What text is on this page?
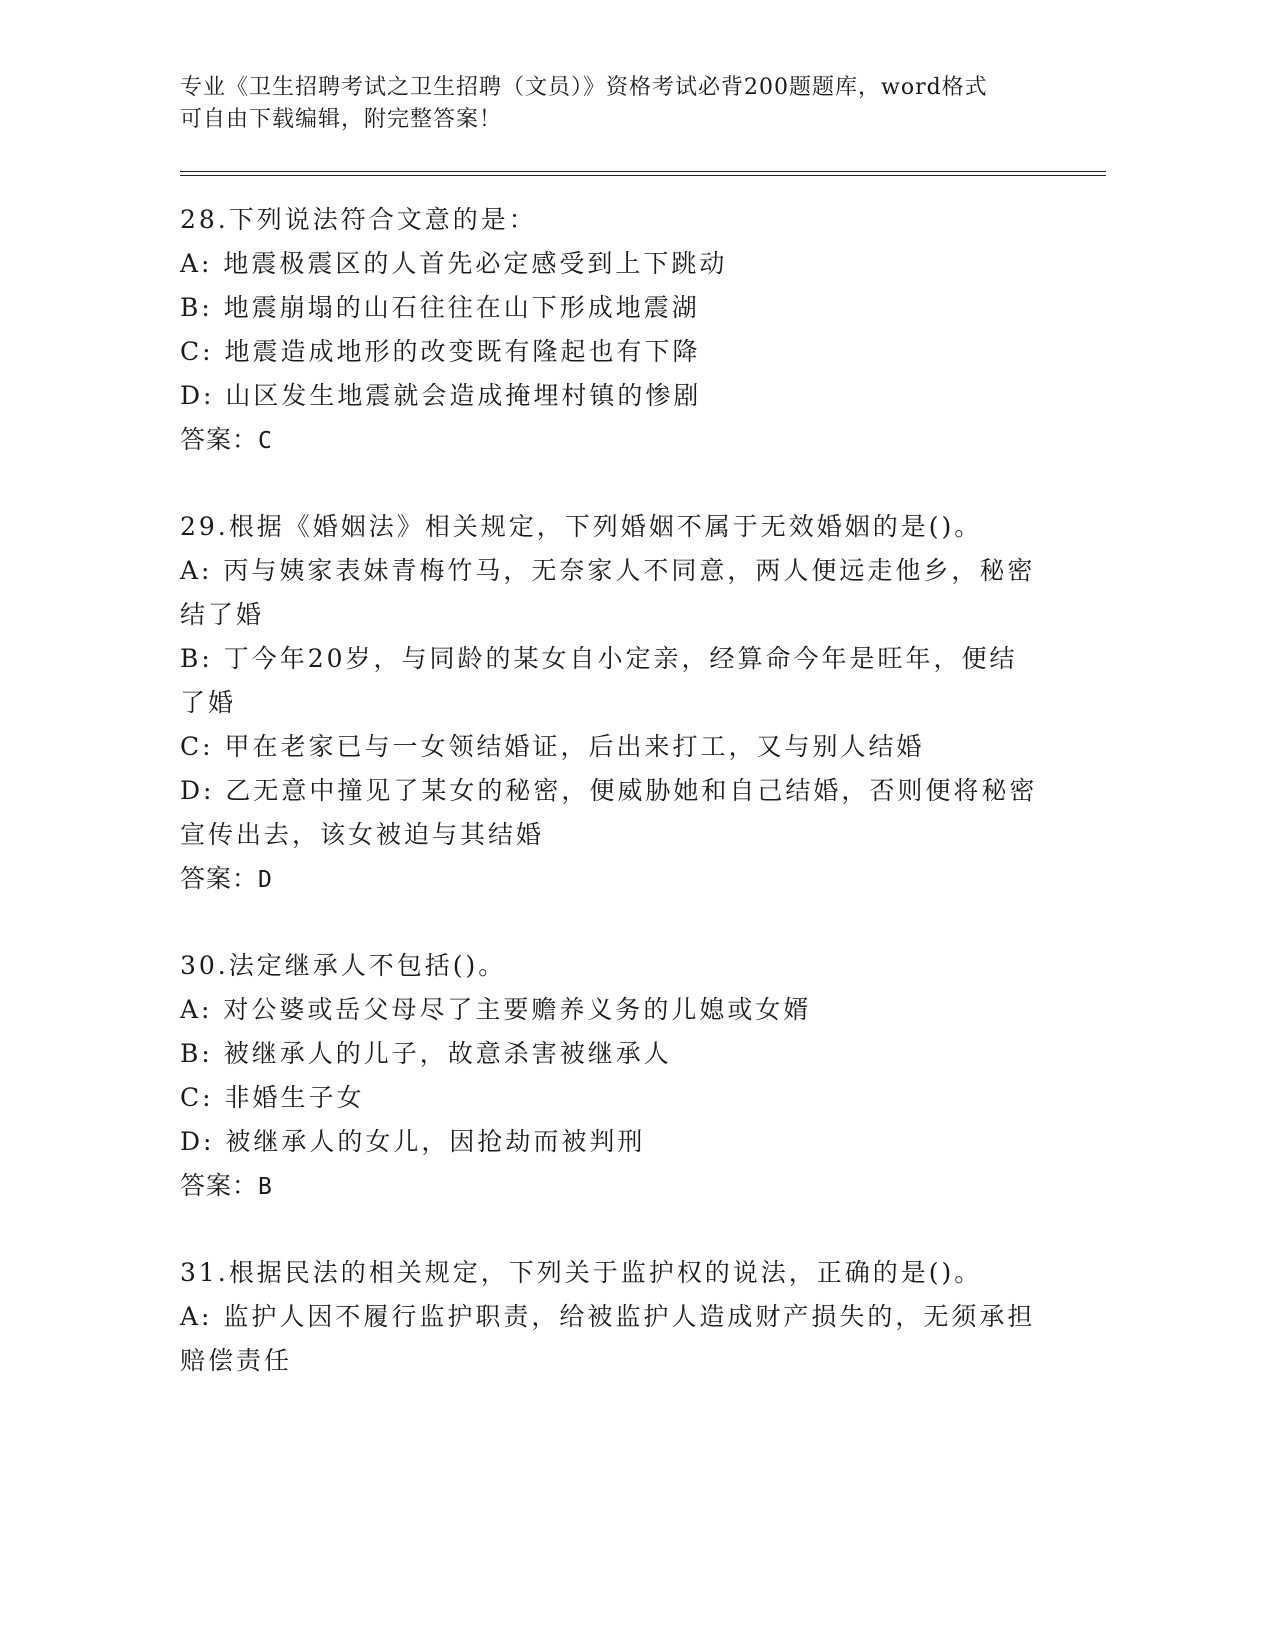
专业《卫生招聘考试之卫生招聘（文员）》资格考试必背200题题库，word格式
可自由下载编辑，附完整答案！

28.下列说法符合文意的是：

A: 地震极震区的人首先必定感受到上下跳动

B: 地震崩塌的山石往往在山下形成地震湖

C: 地震造成地形的改变既有隆起也有下降

D: 山区发生地震就会造成掩埋村镇的惨剧

答案：C

29.根据《婚姻法》相关规定，下列婚姻不属于无效婚姻的是()。

A: 丙与姨家表妹青梅竹马，无奈家人不同意，两人便远走他乡，秘密结了婚

B: 丁今年20岁，与同龄的某女自小定亲，经算命今年是旺年，便结了婚

C: 甲在老家已与一女领结婚证，后出来打工，又与别人结婚

D: 乙无意中撞见了某女的秘密，便威胁她和自己结婚，否则便将秘密宣传出去，该女被迫与其结婚

答案：D

30.法定继承人不包括()。

A: 对公婆或岳父母尽了主要赡养义务的儿媳或女婿

B: 被继承人的儿子，故意杀害被继承人

C: 非婚生子女

D: 被继承人的女儿，因抢劫而被判刑

答案：B

31.根据民法的相关规定，下列关于监护权的说法，正确的是()。

A: 监护人因不履行监护职责，给被监护人造成财产损失的，无须承担赔偿责任
